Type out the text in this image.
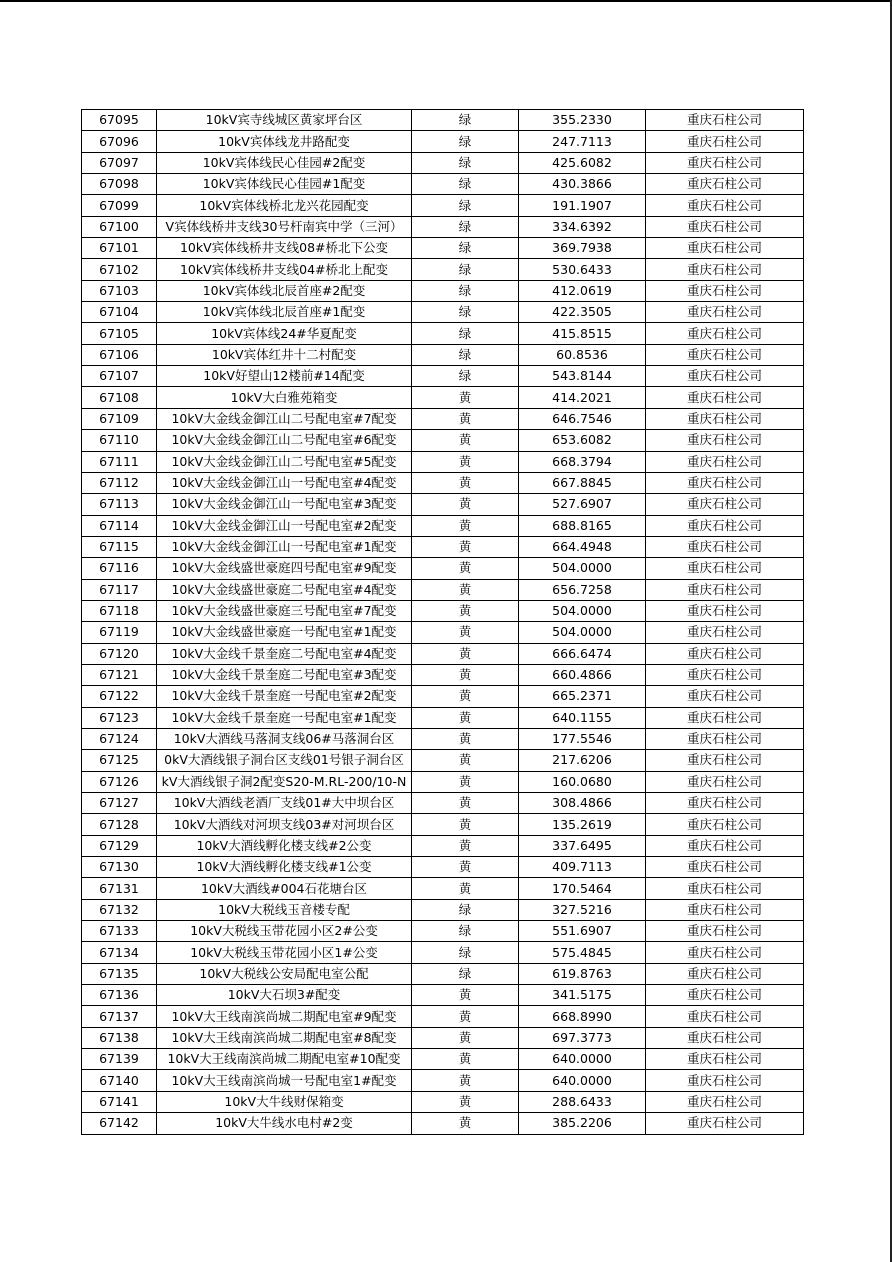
67095	10kV宾寺线城区黄家坪台区	绿	355.2330	重庆石柱公司
67096	10kV宾体线龙井路配变	绿	247.7113	重庆石柱公司
67097	10kV宾体线民心佳园#2配变	绿	425.6082	重庆石柱公司
67098	10kV宾体线民心佳园#1配变	绿	430.3866	重庆石柱公司
67099	10kV宾体线桥北龙兴花园配变	绿	191.1907	重庆石柱公司
67100	V宾体线桥井支线30号杆南宾中学（三河）	绿	334.6392	重庆石柱公司
67101	10kV宾体线桥井支线08#桥北下公变	绿	369.7938	重庆石柱公司
67102	10kV宾体线桥井支线04#桥北上配变	绿	530.6433	重庆石柱公司
67103	10kV宾体线北辰首座#2配变	绿	412.0619	重庆石柱公司
67104	10kV宾体线北辰首座#1配变	绿	422.3505	重庆石柱公司
67105	10kV宾体线24#华夏配变	绿	415.8515	重庆石柱公司
67106	10kV宾体红井十二村配变	绿	60.8536	重庆石柱公司
67107	10kV好望山12楼前#14配变	绿	543.8144	重庆石柱公司
67108	10kV大白雅苑箱变	黄	414.2021	重庆石柱公司
67109	10kV大金线金御江山二号配电室#7配变	黄	646.7546	重庆石柱公司
67110	10kV大金线金御江山二号配电室#6配变	黄	653.6082	重庆石柱公司
67111	10kV大金线金御江山二号配电室#5配变	黄	668.3794	重庆石柱公司
67112	10kV大金线金御江山一号配电室#4配变	黄	667.8845	重庆石柱公司
67113	10kV大金线金御江山一号配电室#3配变	黄	527.6907	重庆石柱公司
67114	10kV大金线金御江山一号配电室#2配变	黄	688.8165	重庆石柱公司
67115	10kV大金线金御江山一号配电室#1配变	黄	664.4948	重庆石柱公司
67116	10kV大金线盛世豪庭四号配电室#9配变	黄	504.0000	重庆石柱公司
67117	10kV大金线盛世豪庭二号配电室#4配变	黄	656.7258	重庆石柱公司
67118	10kV大金线盛世豪庭三号配电室#7配变	黄	504.0000	重庆石柱公司
67119	10kV大金线盛世豪庭一号配电室#1配变	黄	504.0000	重庆石柱公司
67120	10kV大金线千景奎庭二号配电室#4配变	黄	666.6474	重庆石柱公司
67121	10kV大金线千景奎庭二号配电室#3配变	黄	660.4866	重庆石柱公司
67122	10kV大金线千景奎庭一号配电室#2配变	黄	665.2371	重庆石柱公司
67123	10kV大金线千景奎庭一号配电室#1配变	黄	640.1155	重庆石柱公司
67124	10kV大酒线马落洞支线06#马落洞台区	黄	177.5546	重庆石柱公司
67125	0kV大酒线银子洞台区支线01号银子洞台区	黄	217.6206	重庆石柱公司
67126	kV大酒线银子洞2配变S20-M.RL-200/10-N	黄	160.0680	重庆石柱公司
67127	10kV大酒线老酒厂支线01#大中坝台区	黄	308.4866	重庆石柱公司
67128	10kV大酒线对河坝支线03#对河坝台区	黄	135.2619	重庆石柱公司
67129	10kV大酒线孵化楼支线#2公变	黄	337.6495	重庆石柱公司
67130	10kV大酒线孵化楼支线#1公变	黄	409.7113	重庆石柱公司
67131	10kV大酒线#004石花塘台区	黄	170.5464	重庆石柱公司
67132	10kV大税线玉音楼专配	绿	327.5216	重庆石柱公司
67133	10kV大税线玉带花园小区2#公变	绿	551.6907	重庆石柱公司
67134	10kV大税线玉带花园小区1#公变	绿	575.4845	重庆石柱公司
67135	10kV大税线公安局配电室公配	绿	619.8763	重庆石柱公司
67136	10kV大石坝3#配变	黄	341.5175	重庆石柱公司
67137	10kV大王线南滨尚城二期配电室#9配变	黄	668.8990	重庆石柱公司
67138	10kV大王线南滨尚城二期配电室#8配变	黄	697.3773	重庆石柱公司
67139	10kV大王线南滨尚城二期配电室#10配变	黄	640.0000	重庆石柱公司
67140	10kV大王线南滨尚城一号配电室1#配变	黄	640.0000	重庆石柱公司
67141	10kV大牛线财保箱变	黄	288.6433	重庆石柱公司
67142	10kV大牛线水电村#2变	黄	385.2206	重庆石柱公司
